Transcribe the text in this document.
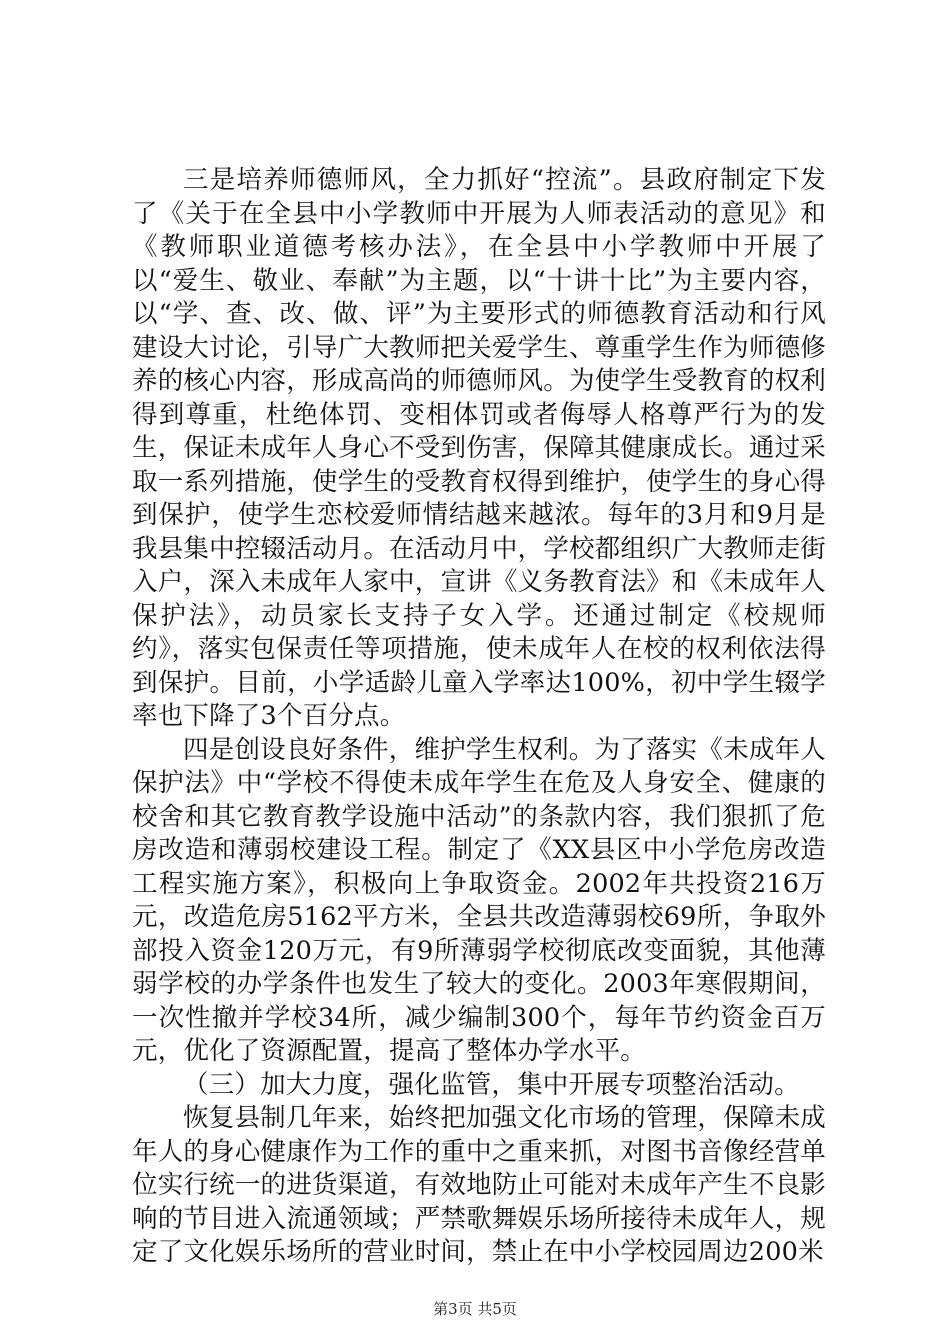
三是培养师德师风，全力抓好“控流”。县政府制定下发了《关于在全县中小学教师中开展为人师表活动的意见》和《教师职业道德考核办法》，在全县中小学教师中开展了以“爱生、敬业、奉献”为主题，以“十讲十比”为主要内容，以“学、查、改、做、评”为主要形式的师德教育活动和行风建设大讨论，引导广大教师把关爱学生、尊重学生作为师德修养的核心内容，形成高尚的师德师风。为使学生受教育的权利得到尊重，杜绝体罚、变相体罚或者侮辱人格尊严行为的发生，保证未成年人身心不受到伤害，保障其健康成长。通过采取一系列措施，使学生的受教育权得到维护，使学生的身心得到保护，使学生恋校爱师情结越来越浓。每年的3月和9月是我县集中控辍活动月。在活动月中，学校都组织广大教师走街入户，深入未成年人家中，宣讲《义务教育法》和《未成年人保护法》，动员家长支持子女入学。还通过制定《校规师约》，落实包保责任等项措施，使未成年人在校的权利依法得到保护。目前，小学适龄儿童入学率达100%，初中学生辍学率也下降了3个百分点。

四是创设良好条件，维护学生权利。为了落实《未成年人保护法》中“学校不得使未成年学生在危及人身安全、健康的校舍和其它教育教学设施中活动”的条款内容，我们狠抓了危房改造和薄弱校建设工程。制定了《XX县区中小学危房改造工程实施方案》，积极向上争取资金。2002年共投资216万元，改造危房5162平方米，全县共改造薄弱校69所，争取外部投入资金120万元，有9所薄弱学校彻底改变面貌，其他薄弱学校的办学条件也发生了较大的变化。2003年寒假期间，一次性撤并学校34所，减少编制300个，每年节约资金百万元，优化了资源配置，提高了整体办学水平。

（三）加大力度，强化监管，集中开展专项整治活动。

恢复县制几年来，始终把加强文化市场的管理，保障未成年人的身心健康作为工作的重中之重来抓，对图书音像经营单位实行统一的进货渠道，有效地防止可能对未成年产生不良影响的节目进入流通领域；严禁歌舞娱乐场所接待未成年人，规定了文化娱乐场所的营业时间，禁止在中小学校园周边200米

第3页 共5页
